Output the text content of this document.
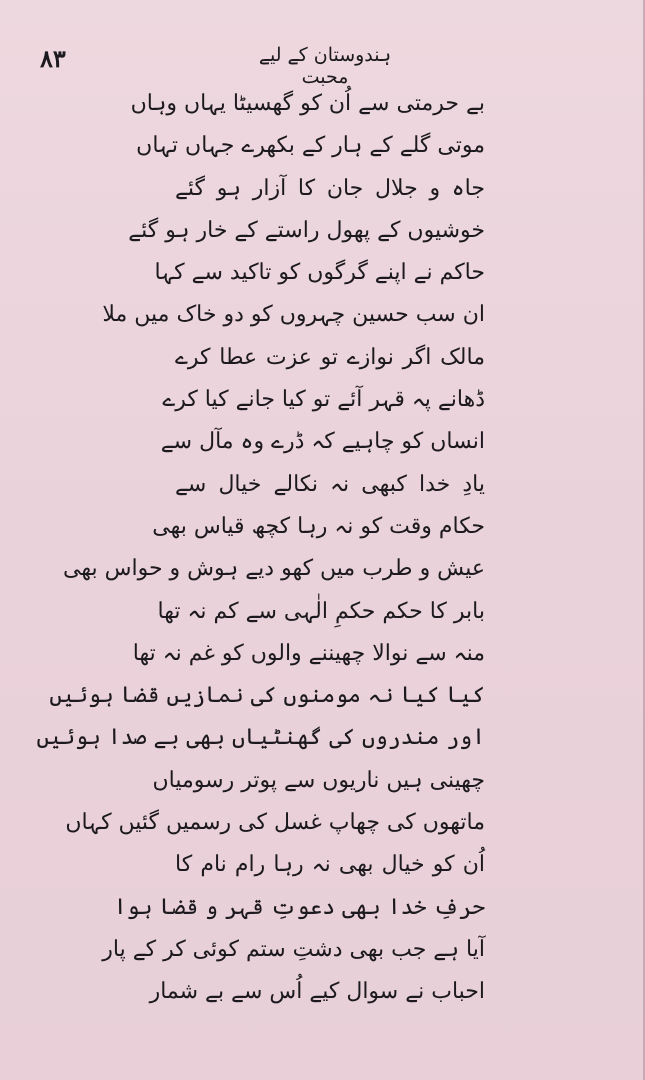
۸۳	ہندوستان کے لیے محبت
بے حرمتی سے اُن کو گھسیٹا یہاں وہاں
موتی گلے کے ہار کے بکھرے جہاں تہاں
جاہ و جلال جان کا آزار ہو گئے
خوشیوں کے پھول راستے کے خار ہو گئے
حاکم نے اپنے گرگوں کو تاکید سے کہا
ان سب حسین چہروں کو دو خاک میں ملا
مالک اگر نوازے تو عزت عطا کرے
ڈھانے پہ قہر آئے تو کیا جانے کیا کرے
انساں کو چاہیے کہ ڈرے وہ مآل سے
یادِ خدا کبھی نہ نکالے خیال سے
حکام وقت کو نہ رہا کچھ قیاس بھی
عیش و طرب میں کھو دیے ہوش و حواس بھی
بابر کا حکم حکمِ الٰہی سے کم نہ تھا
منہ سے نوالا چھیننے والوں کو غم نہ تھا
کیا کیا نہ مومنوں کی نمازیں قضا ہوئیں
اور مندروں کی گھنٹیاں بھی بے صدا ہوئیں
چھینی ہیں ناریوں سے پوتر رسومیاں
ماتھوں کی چھاپ غسل کی رسمیں گئیں کہاں
اُن کو خیال بھی نہ رہا رام نام کا
حرفِ خدا بھی دعوتِ قہر و قضا ہوا
آیا ہے جب بھی دشتِ ستم کوئی کر کے پار
احباب نے سوال کیے اُس سے بے شمار
